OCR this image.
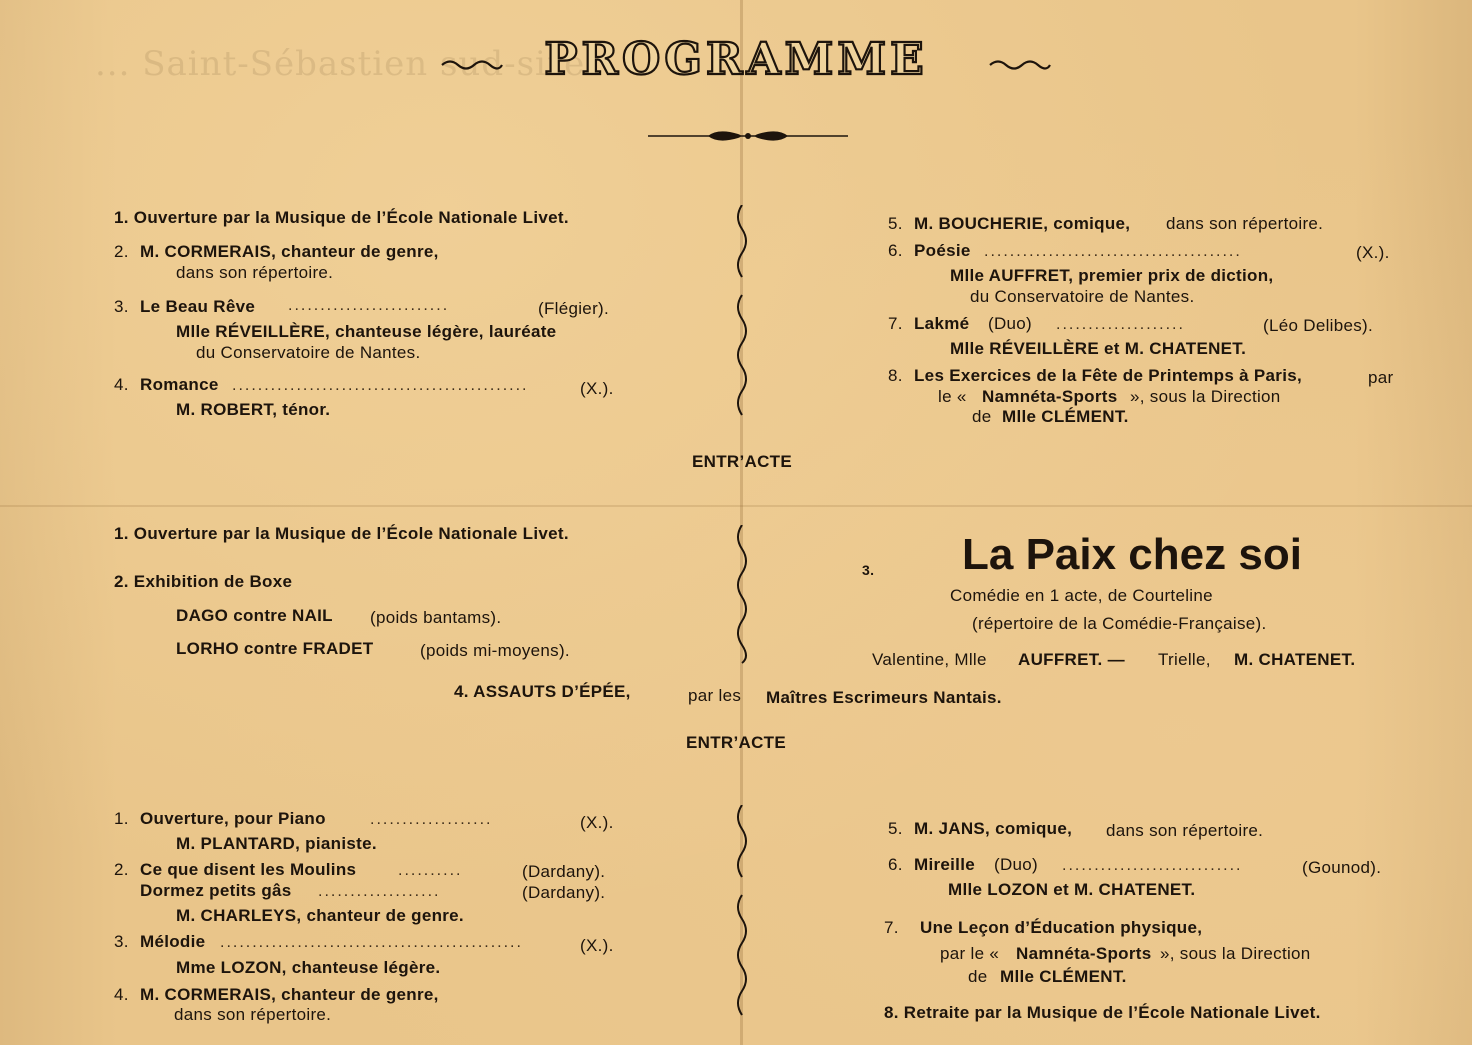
... Saint-Sébastien sud-sire
PROGRAMME
1. Ouverture par la Musique de l’École Nationale Livet.
2. M. CORMERAIS, chanteur de genre,
dans son répertoire.
3. Le Beau Rêve .........................	(Flégier).
Mlle RÉVEILLÈRE, chanteuse légère, lauréate
du Conservatoire de Nantes.
4. Romance ..............................................	(X.).
M. ROBERT, ténor.
5. M. BOUCHERIE, comique, dans son répertoire.
6. Poésie ........................................	(X.).
Mlle AUFFRET, premier prix de diction,
du Conservatoire de Nantes.
7. Lakmé (Duo) ....................	(Léo Delibes).
Mlle RÉVEILLÈRE et M. CHATENET.
8. Les Exercices de la Fête de Printemps à Paris,	par
le « Namnéta-Sports », sous la Direction
de Mlle CLÉMENT.
ENTR’ACTE
1. Ouverture par la Musique de l’École Nationale Livet.
2. Exhibition de Boxe
DAGO contre NAIL (poids bantams).
LORHO contre FRADET	(poids mi-moyens).
3. La Paix chez soi
Comédie en 1 acte, de Courteline
(répertoire de la Comédie-Française).
Valentine, Mlle AUFFRET. — Trielle, M. CHATENET.
4. ASSAUTS D’ÉPÉE,	par les Maîtres Escrimeurs Nantais.
ENTR’ACTE
1. Ouverture, pour Piano	...................	(X.).
M. PLANTARD, pianiste.
2. Ce que disent les Moulins	..........	(Dardany).
Dormez petits gâs ...................	(Dardany).
M. CHARLEYS, chanteur de genre.
3. Mélodie ...............................................	(X.).
Mme LOZON, chanteuse légère.
4. M. CORMERAIS, chanteur de genre,
dans son répertoire.
5. M. JANS, comique, dans son répertoire.
6. Mireille (Duo) ............................	(Gounod).
Mlle LOZON et M. CHATENET.
7. Une Leçon d’Éducation physique,
par le « Namnéta-Sports », sous la Direction
de Mlle CLÉMENT.
8. Retraite par la Musique de l’École Nationale Livet.
